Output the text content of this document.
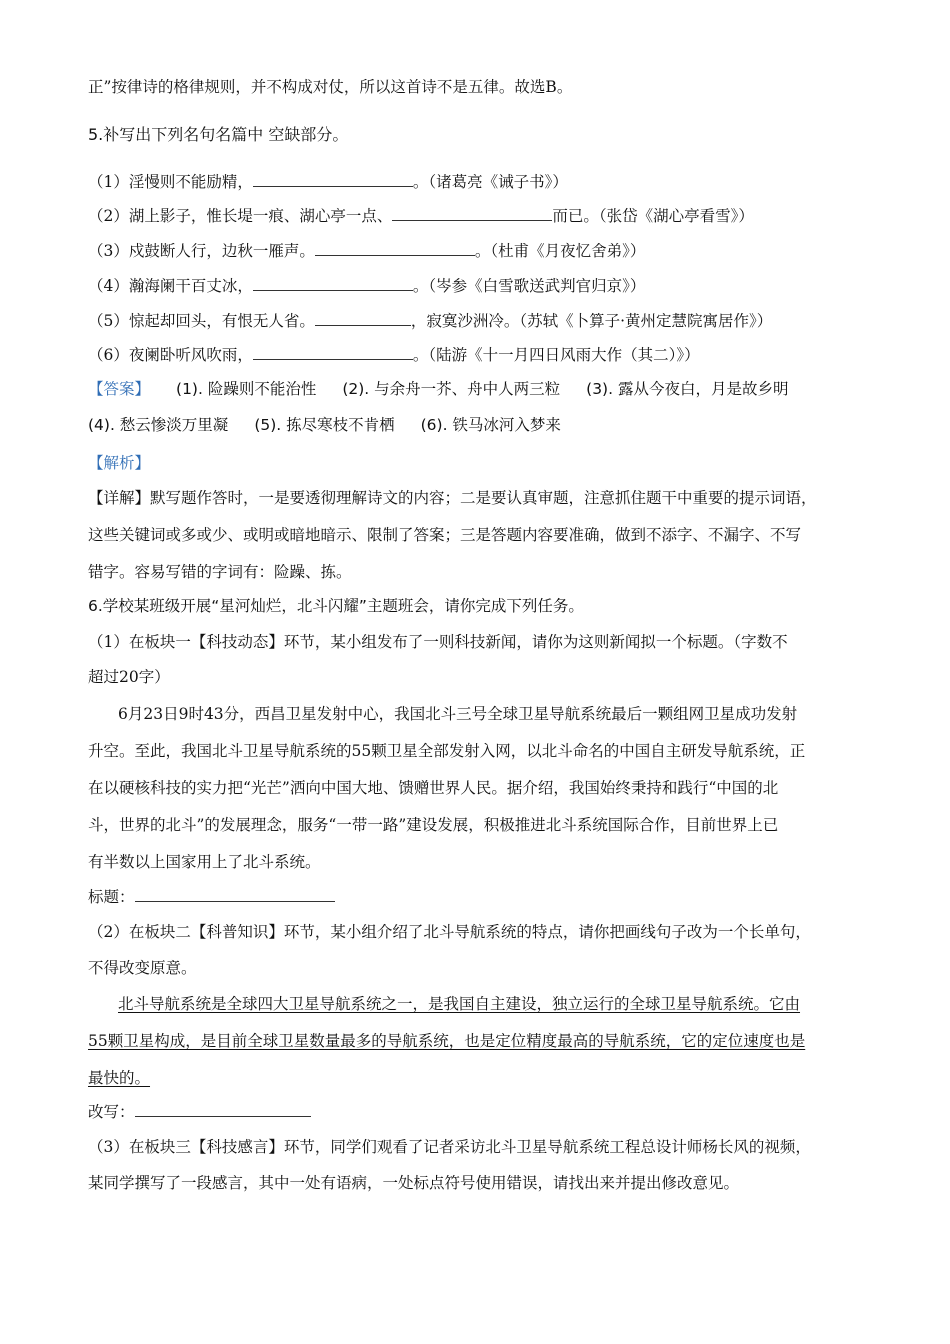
正”按律诗的格律规则，并不构成对仗，所以这首诗不是五律。故选B。
5.补写出下列名句名篇中 空缺部分。
（1）淫慢则不能励精，	。（诸葛亮《诫子书》）
（2）湖上影子，惟长堤一痕、湖心亭一点、	而已。（张岱《湖心亭看雪》）
（3）戍鼓断人行，边秋一雁声。	。（杜甫《月夜忆舍弟》）
（4）瀚海阑干百丈冰，	。（岑参《白雪歌送武判官归京》）
（5）惊起却回头，有恨无人省。	，寂寞沙洲冷。（苏轼《卜算子·黄州定慧院寓居作》）
（6）夜阑卧听风吹雨，	。（陆游《十一月四日风雨大作（其二）》）
【答案】 (1). 险躁则不能治性 (2). 与余舟一芥、舟中人两三粒 (3). 露从今夜白，月是故乡明
(4). 愁云惨淡万里凝 (5). 拣尽寒枝不肯栖 (6). 铁马冰河入梦来
【解析】
【详解】默写题作答时，一是要透彻理解诗文的内容；二是要认真审题，注意抓住题干中重要的提示词语，
这些关键词或多或少、或明或暗地暗示、限制了答案；三是答题内容要准确，做到不添字、不漏字、不写
错字。容易写错的字词有：险躁、拣。
6.学校某班级开展“星河灿烂，北斗闪耀”主题班会，请你完成下列任务。
（1）在板块一【科技动态】环节，某小组发布了一则科技新闻，请你为这则新闻拟一个标题。（字数不
超过20字）
6月23日9时43分，西昌卫星发射中心，我国北斗三号全球卫星导航系统最后一颗组网卫星成功发射
升空。至此，我国北斗卫星导航系统的55颗卫星全部发射入网，以北斗命名的中国自主研发导航系统，正
在以硬核科技的实力把“光芒”洒向中国大地、馈赠世界人民。据介绍，我国始终秉持和践行“中国的北
斗，世界的北斗”的发展理念，服务“一带一路”建设发展，积极推进北斗系统国际合作，目前世界上已
有半数以上国家用上了北斗系统。
标题：
（2）在板块二【科普知识】环节，某小组介绍了北斗导航系统的特点，请你把画线句子改为一个长单句，
不得改变原意。
北斗导航系统是全球四大卫星导航系统之一，是我国自主建设，独立运行的全球卫星导航系统。它由
55颗卫星构成，是目前全球卫星数量最多的导航系统，也是定位精度最高的导航系统，它的定位速度也是
最快的。
改写：
（3）在板块三【科技感言】环节，同学们观看了记者采访北斗卫星导航系统工程总设计师杨长风的视频，
某同学撰写了一段感言，其中一处有语病，一处标点符号使用错误，请找出来并提出修改意见。
